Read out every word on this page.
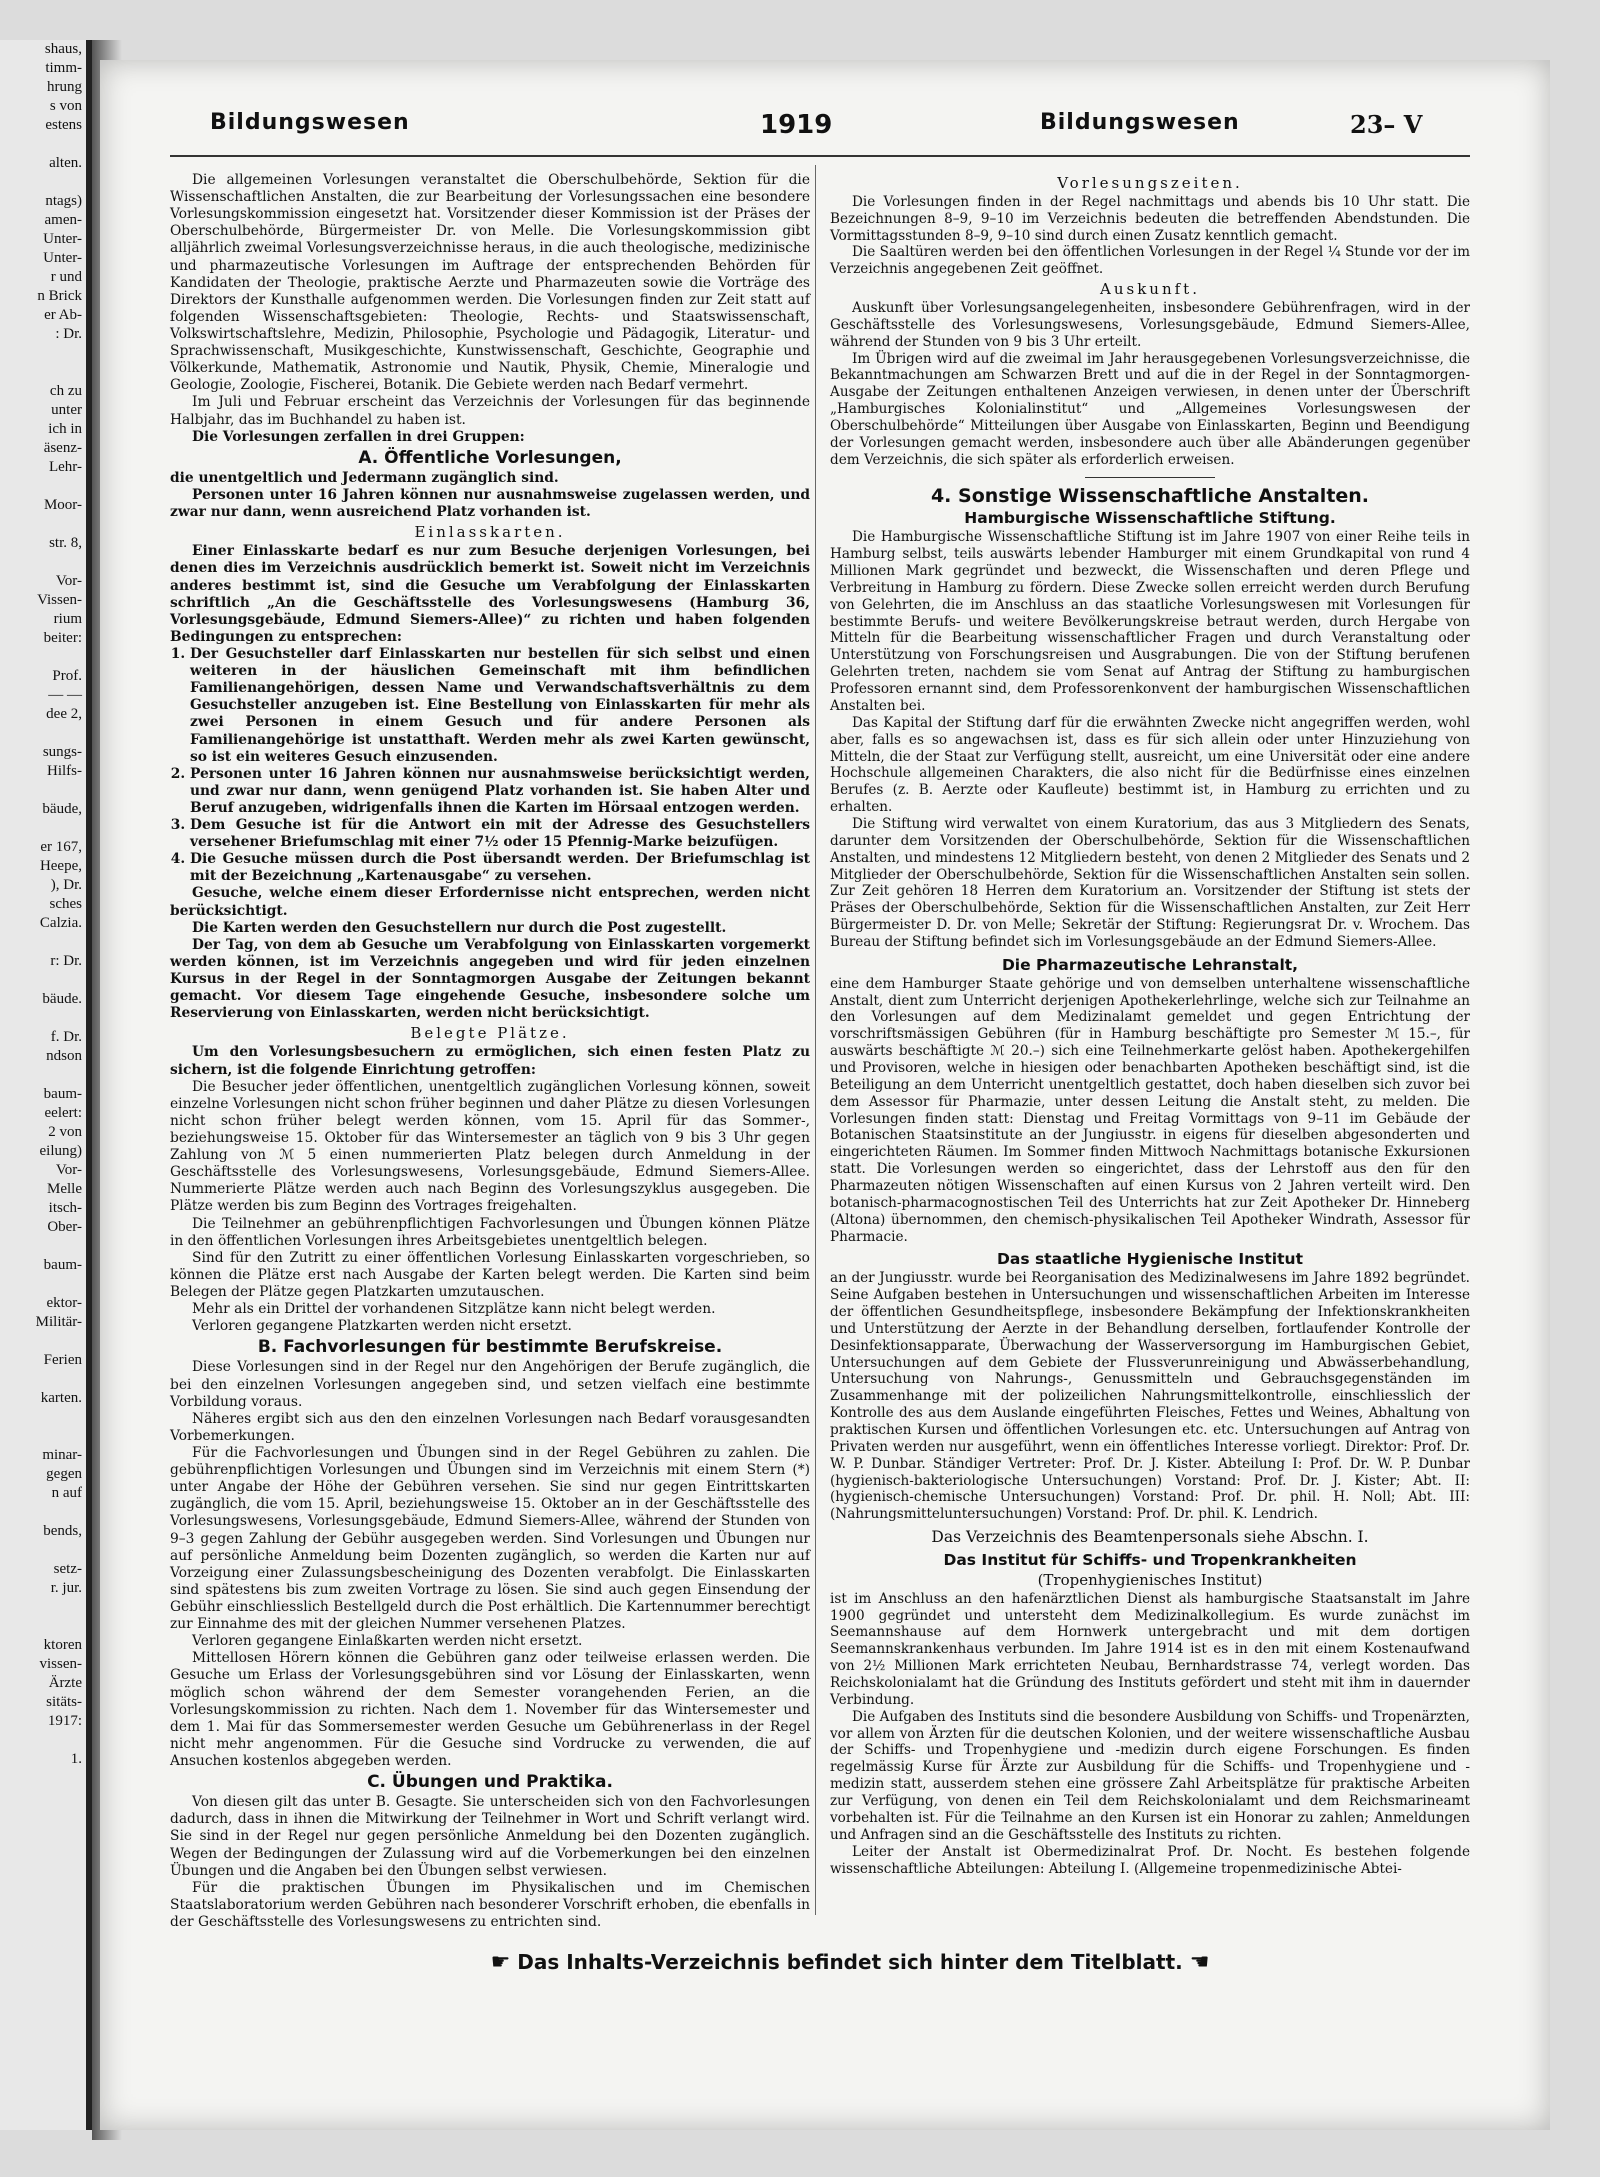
shaus,
timm-
hrung
s von
estens

alten.

ntags)
amen-
Unter-
Unter-
r und
n Brick
er Ab-
: Dr.

ch zu
unter
ich in
äsenz-
Lehr-

Moor-

str. 8,

Vor-
Vissen-
rium
beiter:

Prof.
— —
dee 2,

sungs-
Hilfs-

bäude,

er 167,
Heepe,
), Dr.
sches
Calzia.

r: Dr.

bäude.

f. Dr.
ndson

baum-
eelert:
2 von
eilung)
Vor-
Melle
itsch-
Ober-

baum-

ektor-
Militär-

Ferien

karten.

minar-
gegen
n auf

bends,

setz-
r. jur.

ktoren
vissen-
Ärzte
sitäts-
1917:

1.
Bildungswesen	1919	Bildungswesen	23– V

Die allgemeinen Vorlesungen veranstaltet die Oberschulbehörde, Sektion für die Wissenschaftlichen Anstalten, die zur Bearbeitung der Vorlesungssachen eine besondere Vorlesungskommission eingesetzt hat. Vorsitzender dieser Kommission ist der Präses der Oberschulbehörde, Bürgermeister Dr. von Melle. Die Vorlesungskommission gibt alljährlich zweimal Vorlesungsverzeichnisse heraus, in die auch theologische, medizinische und pharmazeutische Vorlesungen im Auftrage der entsprechenden Behörden für Kandidaten der Theologie, praktische Aerzte und Pharmazeuten sowie die Vorträge des Direktors der Kunsthalle aufgenommen werden. Die Vorlesungen finden zur Zeit statt auf folgenden Wissenschaftsgebieten: Theologie, Rechts- und Staatswissenschaft, Volkswirtschaftslehre, Medizin, Philosophie, Psychologie und Pädagogik, Literatur- und Sprachwissenschaft, Musikgeschichte, Kunstwissenschaft, Geschichte, Geographie und Völkerkunde, Mathematik, Astronomie und Nautik, Physik, Chemie, Mineralogie und Geologie, Zoologie, Fischerei, Botanik. Die Gebiete werden nach Bedarf vermehrt.

Im Juli und Februar erscheint das Verzeichnis der Vorlesungen für das beginnende Halbjahr, das im Buchhandel zu haben ist.

Die Vorlesungen zerfallen in drei Gruppen:

A. Öffentliche Vorlesungen,

die unentgeltlich und Jedermann zugänglich sind.

Personen unter 16 Jahren können nur ausnahmsweise zugelassen werden, und zwar nur dann, wenn ausreichend Platz vorhanden ist.

Einlasskarten.

Einer Einlasskarte bedarf es nur zum Besuche derjenigen Vorlesungen, bei denen dies im Verzeichnis ausdrücklich bemerkt ist. Soweit nicht im Verzeichnis anderes bestimmt ist, sind die Gesuche um Verabfolgung der Einlasskarten schriftlich „An die Geschäftsstelle des Vorlesungswesens (Hamburg 36, Vorlesungsgebäude, Edmund Siemers-Allee)“ zu richten und haben folgenden Bedingungen zu entsprechen:

1. Der Gesuchsteller darf Einlasskarten nur bestellen für sich selbst und einen weiteren in der häuslichen Gemeinschaft mit ihm befindlichen Familienangehörigen, dessen Name und Verwandschaftsverhältnis zu dem Gesuchsteller anzugeben ist. Eine Bestellung von Einlasskarten für mehr als zwei Personen in einem Gesuch und für andere Personen als Familienangehörige ist unstatthaft. Werden mehr als zwei Karten gewünscht, so ist ein weiteres Gesuch einzusenden.
2. Personen unter 16 Jahren können nur ausnahmsweise berücksichtigt werden, und zwar nur dann, wenn genügend Platz vorhanden ist. Sie haben Alter und Beruf anzugeben, widrigenfalls ihnen die Karten im Hörsaal entzogen werden.
3. Dem Gesuche ist für die Antwort ein mit der Adresse des Gesuchstellers versehener Briefumschlag mit einer 7½ oder 15 Pfennig-Marke beizufügen.
4. Die Gesuche müssen durch die Post übersandt werden. Der Briefumschlag ist mit der Bezeichnung „Kartenausgabe“ zu versehen.

Gesuche, welche einem dieser Erfordernisse nicht entsprechen, werden nicht berücksichtigt.

Die Karten werden den Gesuchstellern nur durch die Post zugestellt.

Der Tag, von dem ab Gesuche um Verabfolgung von Einlasskarten vorgemerkt werden können, ist im Verzeichnis angegeben und wird für jeden einzelnen Kursus in der Regel in der Sonntagmorgen Ausgabe der Zeitungen bekannt gemacht. Vor diesem Tage eingehende Gesuche, insbesondere solche um Reservierung von Einlasskarten, werden nicht berücksichtigt.

Belegte Plätze.

Um den Vorlesungsbesuchern zu ermöglichen, sich einen festen Platz zu sichern, ist die folgende Einrichtung getroffen:

Die Besucher jeder öffentlichen, unentgeltlich zugänglichen Vorlesung können, soweit einzelne Vorlesungen nicht schon früher beginnen und daher Plätze zu diesen Vorlesungen nicht schon früher belegt werden können, vom 15. April für das Sommer-, beziehungsweise 15. Oktober für das Wintersemester an täglich von 9 bis 3 Uhr gegen Zahlung von ℳ 5 einen nummerierten Platz belegen durch Anmeldung in der Geschäftsstelle des Vorlesungswesens, Vorlesungsgebäude, Edmund Siemers-Allee. Nummerierte Plätze werden auch nach Beginn des Vorlesungszyklus ausgegeben. Die Plätze werden bis zum Beginn des Vortrages freigehalten.

Die Teilnehmer an gebührenpflichtigen Fachvorlesungen und Übungen können Plätze in den öffentlichen Vorlesungen ihres Arbeitsgebietes unentgeltlich belegen.

Sind für den Zutritt zu einer öffentlichen Vorlesung Einlasskarten vorgeschrieben, so können die Plätze erst nach Ausgabe der Karten belegt werden. Die Karten sind beim Belegen der Plätze gegen Platzkarten umzutauschen.

Mehr als ein Drittel der vorhandenen Sitzplätze kann nicht belegt werden.

Verloren gegangene Platzkarten werden nicht ersetzt.

B. Fachvorlesungen für bestimmte Berufskreise.

Diese Vorlesungen sind in der Regel nur den Angehörigen der Berufe zugänglich, die bei den einzelnen Vorlesungen angegeben sind, und setzen vielfach eine bestimmte Vorbildung voraus.

Näheres ergibt sich aus den den einzelnen Vorlesungen nach Bedarf vorausgesandten Vorbemerkungen.

Für die Fachvorlesungen und Übungen sind in der Regel Gebühren zu zahlen. Die gebührenpflichtigen Vorlesungen und Übungen sind im Verzeichnis mit einem Stern (*) unter Angabe der Höhe der Gebühren versehen. Sie sind nur gegen Eintrittskarten zugänglich, die vom 15. April, beziehungsweise 15. Oktober an in der Geschäftsstelle des Vorlesungswesens, Vorlesungsgebäude, Edmund Siemers-Allee, während der Stunden von 9–3 gegen Zahlung der Gebühr ausgegeben werden. Sind Vorlesungen und Übungen nur auf persönliche Anmeldung beim Dozenten zugänglich, so werden die Karten nur auf Vorzeigung einer Zulassungsbescheinigung des Dozenten verabfolgt. Die Einlasskarten sind spätestens bis zum zweiten Vortrage zu lösen. Sie sind auch gegen Einsendung der Gebühr einschliesslich Bestellgeld durch die Post erhältlich. Die Kartennummer berechtigt zur Einnahme des mit der gleichen Nummer versehenen Platzes.

Verloren gegangene Einlaßkarten werden nicht ersetzt.

Mittellosen Hörern können die Gebühren ganz oder teilweise erlassen werden. Die Gesuche um Erlass der Vorlesungsgebühren sind vor Lösung der Einlasskarten, wenn möglich schon während der dem Semester vorangehenden Ferien, an die Vorlesungskommission zu richten. Nach dem 1. November für das Wintersemester und dem 1. Mai für das Sommersemester werden Gesuche um Gebührenerlass in der Regel nicht mehr angenommen. Für die Gesuche sind Vordrucke zu verwenden, die auf Ansuchen kostenlos abgegeben werden.

C. Übungen und Praktika.

Von diesen gilt das unter B. Gesagte. Sie unterscheiden sich von den Fachvorlesungen dadurch, dass in ihnen die Mitwirkung der Teilnehmer in Wort und Schrift verlangt wird. Sie sind in der Regel nur gegen persönliche Anmeldung bei den Dozenten zugänglich. Wegen der Bedingungen der Zulassung wird auf die Vorbemerkungen bei den einzelnen Übungen und die Angaben bei den Übungen selbst verwiesen.

Für die praktischen Übungen im Physikalischen und im Chemischen Staatslaboratorium werden Gebühren nach besonderer Vorschrift erhoben, die ebenfalls in der Geschäftsstelle des Vorlesungswesens zu entrichten sind.

Vorlesungszeiten.

Die Vorlesungen finden in der Regel nachmittags und abends bis 10 Uhr statt. Die Bezeichnungen 8–9, 9–10 im Verzeichnis bedeuten die betreffenden Abendstunden. Die Vormittagsstunden 8–9, 9–10 sind durch einen Zusatz kenntlich gemacht.

Die Saaltüren werden bei den öffentlichen Vorlesungen in der Regel ¼ Stunde vor der im Verzeichnis angegebenen Zeit geöffnet.

Auskunft.

Auskunft über Vorlesungsangelegenheiten, insbesondere Gebührenfragen, wird in der Geschäftsstelle des Vorlesungswesens, Vorlesungsgebäude, Edmund Siemers-Allee, während der Stunden von 9 bis 3 Uhr erteilt.

Im Übrigen wird auf die zweimal im Jahr herausgegebenen Vorlesungsverzeichnisse, die Bekanntmachungen am Schwarzen Brett und auf die in der Regel in der Sonntagmorgen-Ausgabe der Zeitungen enthaltenen Anzeigen verwiesen, in denen unter der Überschrift „Hamburgisches Kolonialinstitut“ und „Allgemeines Vorlesungswesen der Oberschulbehörde“ Mitteilungen über Ausgabe von Einlasskarten, Beginn und Beendigung der Vorlesungen gemacht werden, insbesondere auch über alle Abänderungen gegenüber dem Verzeichnis, die sich später als erforderlich erweisen.

4. Sonstige Wissenschaftliche Anstalten.
Hamburgische Wissenschaftliche Stiftung.

Die Hamburgische Wissenschaftliche Stiftung ist im Jahre 1907 von einer Reihe teils in Hamburg selbst, teils auswärts lebender Hamburger mit einem Grundkapital von rund 4 Millionen Mark gegründet und bezweckt, die Wissenschaften und deren Pflege und Verbreitung in Hamburg zu fördern. Diese Zwecke sollen erreicht werden durch Berufung von Gelehrten, die im Anschluss an das staatliche Vorlesungswesen mit Vorlesungen für bestimmte Berufs- und weitere Bevölkerungskreise betraut werden, durch Hergabe von Mitteln für die Bearbeitung wissenschaftlicher Fragen und durch Veranstaltung oder Unterstützung von Forschungsreisen und Ausgrabungen. Die von der Stiftung berufenen Gelehrten treten, nachdem sie vom Senat auf Antrag der Stiftung zu hamburgischen Professoren ernannt sind, dem Professorenkonvent der hamburgischen Wissenschaftlichen Anstalten bei.

Das Kapital der Stiftung darf für die erwähnten Zwecke nicht angegriffen werden, wohl aber, falls es so angewachsen ist, dass es für sich allein oder unter Hinzuziehung von Mitteln, die der Staat zur Verfügung stellt, ausreicht, um eine Universität oder eine andere Hochschule allgemeinen Charakters, die also nicht für die Bedürfnisse eines einzelnen Berufes (z. B. Aerzte oder Kaufleute) bestimmt ist, in Hamburg zu errichten und zu erhalten.

Die Stiftung wird verwaltet von einem Kuratorium, das aus 3 Mitgliedern des Senats, darunter dem Vorsitzenden der Oberschulbehörde, Sektion für die Wissenschaftlichen Anstalten, und mindestens 12 Mitgliedern besteht, von denen 2 Mitglieder des Senats und 2 Mitglieder der Oberschulbehörde, Sektion für die Wissenschaftlichen Anstalten sein sollen. Zur Zeit gehören 18 Herren dem Kuratorium an. Vorsitzender der Stiftung ist stets der Präses der Oberschulbehörde, Sektion für die Wissenschaftlichen Anstalten, zur Zeit Herr Bürgermeister D. Dr. von Melle; Sekretär der Stiftung: Regierungsrat Dr. v. Wrochem. Das Bureau der Stiftung befindet sich im Vorlesungsgebäude an der Edmund Siemers-Allee.

Die Pharmazeutische Lehranstalt,

eine dem Hamburger Staate gehörige und von demselben unterhaltene wissenschaftliche Anstalt, dient zum Unterricht derjenigen Apothekerlehrlinge, welche sich zur Teilnahme an den Vorlesungen auf dem Medizinalamt gemeldet und gegen Entrichtung der vorschriftsmässigen Gebühren (für in Hamburg beschäftigte pro Semester ℳ 15.–, für auswärts beschäftigte ℳ 20.–) sich eine Teilnehmerkarte gelöst haben. Apothekergehilfen und Provisoren, welche in hiesigen oder benachbarten Apotheken beschäftigt sind, ist die Beteiligung an dem Unterricht unentgeltlich gestattet, doch haben dieselben sich zuvor bei dem Assessor für Pharmazie, unter dessen Leitung die Anstalt steht, zu melden. Die Vorlesungen finden statt: Dienstag und Freitag Vormittags von 9–11 im Gebäude der Botanischen Staatsinstitute an der Jungiusstr. in eigens für dieselben abgesonderten und eingerichteten Räumen. Im Sommer finden Mittwoch Nachmittags botanische Exkursionen statt. Die Vorlesungen werden so eingerichtet, dass der Lehrstoff aus den für den Pharmazeuten nötigen Wissenschaften auf einen Kursus von 2 Jahren verteilt wird. Den botanisch-pharmacognostischen Teil des Unterrichts hat zur Zeit Apotheker Dr. Hinneberg (Altona) übernommen, den chemisch-physikalischen Teil Apotheker Windrath, Assessor für Pharmacie.

Das staatliche Hygienische Institut

an der Jungiusstr. wurde bei Reorganisation des Medizinalwesens im Jahre 1892 begründet. Seine Aufgaben bestehen in Untersuchungen und wissenschaftlichen Arbeiten im Interesse der öffentlichen Gesundheitspflege, insbesondere Bekämpfung der Infektionskrankheiten und Unterstützung der Aerzte in der Behandlung derselben, fortlaufender Kontrolle der Desinfektionsapparate, Überwachung der Wasserversorgung im Hamburgischen Gebiet, Untersuchungen auf dem Gebiete der Flussverunreinigung und Abwässerbehandlung, Untersuchung von Nahrungs-, Genussmitteln und Gebrauchsgegenständen im Zusammenhange mit der polizeilichen Nahrungsmittelkontrolle, einschliesslich der Kontrolle des aus dem Auslande eingeführten Fleisches, Fettes und Weines, Abhaltung von praktischen Kursen und öffentlichen Vorlesungen etc. etc. Untersuchungen auf Antrag von Privaten werden nur ausgeführt, wenn ein öffentliches Interesse vorliegt. Direktor: Prof. Dr. W. P. Dunbar. Ständiger Vertreter: Prof. Dr. J. Kister. Abteilung I: Prof. Dr. W. P. Dunbar (hygienisch-bakteriologische Untersuchungen) Vorstand: Prof. Dr. J. Kister; Abt. II: (hygienisch-chemische Untersuchungen) Vorstand: Prof. Dr. phil. H. Noll; Abt. III: (Nahrungsmitteluntersuchungen) Vorstand: Prof. Dr. phil. K. Lendrich.

Das Verzeichnis des Beamtenpersonals siehe Abschn. I.
Das Institut für Schiffs- und Tropenkrankheiten
(Tropenhygienisches Institut)

ist im Anschluss an den hafenärztlichen Dienst als hamburgische Staatsanstalt im Jahre 1900 gegründet und untersteht dem Medizinalkollegium. Es wurde zunächst im Seemannshause auf dem Hornwerk untergebracht und mit dem dortigen Seemannskrankenhaus verbunden. Im Jahre 1914 ist es in den mit einem Kostenaufwand von 2½ Millionen Mark errichteten Neubau, Bernhardstrasse 74, verlegt worden. Das Reichskolonialamt hat die Gründung des Instituts gefördert und steht mit ihm in dauernder Verbindung.

Die Aufgaben des Instituts sind die besondere Ausbildung von Schiffs- und Tropenärzten, vor allem von Ärzten für die deutschen Kolonien, und der weitere wissenschaftliche Ausbau der Schiffs- und Tropenhygiene und -medizin durch eigene Forschungen. Es finden regelmässig Kurse für Ärzte zur Ausbildung für die Schiffs- und Tropenhygiene und -medizin statt, ausserdem stehen eine grössere Zahl Arbeitsplätze für praktische Arbeiten zur Verfügung, von denen ein Teil dem Reichskolonialamt und dem Reichsmarineamt vorbehalten ist. Für die Teilnahme an den Kursen ist ein Honorar zu zahlen; Anmeldungen und Anfragen sind an die Geschäftsstelle des Instituts zu richten.

Leiter der Anstalt ist Obermedizinalrat Prof. Dr. Nocht. Es bestehen folgende wissenschaftliche Abteilungen: Abteilung I. (Allgemeine tropenmedizinische Abtei-

☛ Das Inhalts-Verzeichnis befindet sich hinter dem Titelblatt. ☚
